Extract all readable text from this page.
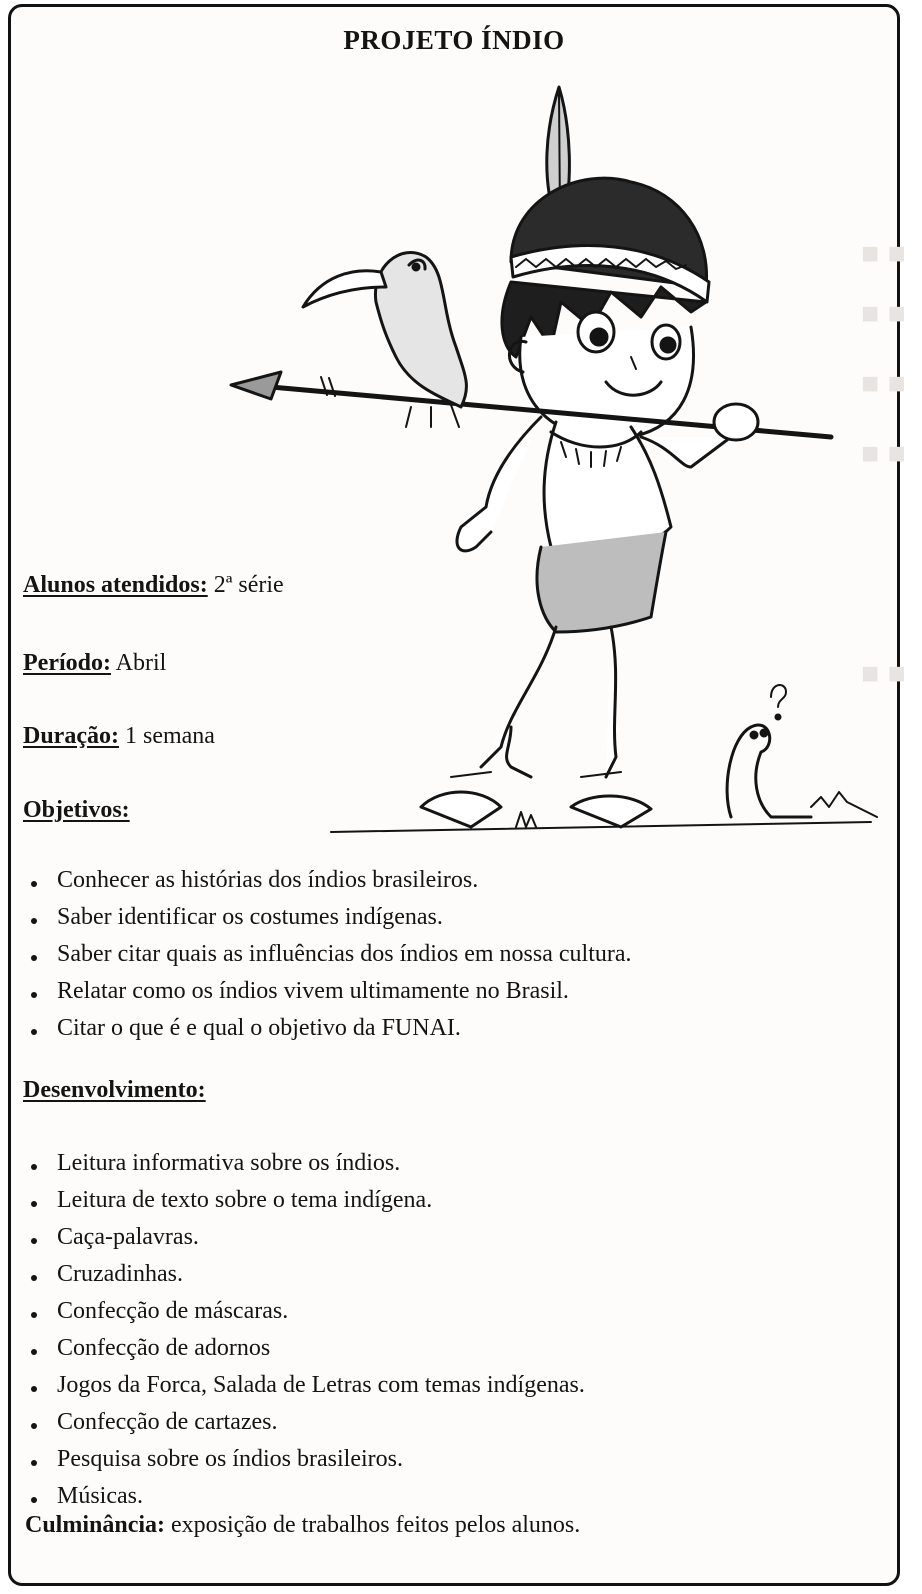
■ ■
■ ■
■ ■
■ ■
■ ■
PROJETO ÍNDIO
Alunos atendidos: 2ª série
Período: Abril
Duração: 1 semana
Objetivos:
Conhecer as histórias dos índios brasileiros.
Saber identificar os costumes indígenas.
Saber citar quais as influências dos índios em nossa cultura.
Relatar como os índios vivem ultimamente no Brasil.
Citar o que é e qual o objetivo da FUNAI.
Desenvolvimento:
Leitura informativa sobre os índios.
Leitura de texto sobre o tema indígena.
Caça-palavras.
Cruzadinhas.
Confecção de máscaras.
Confecção de adornos
Jogos da Forca, Salada de Letras com temas indígenas.
Confecção de cartazes.
Pesquisa sobre os índios brasileiros.
Músicas.
Culminância: exposição de trabalhos feitos pelos alunos.
